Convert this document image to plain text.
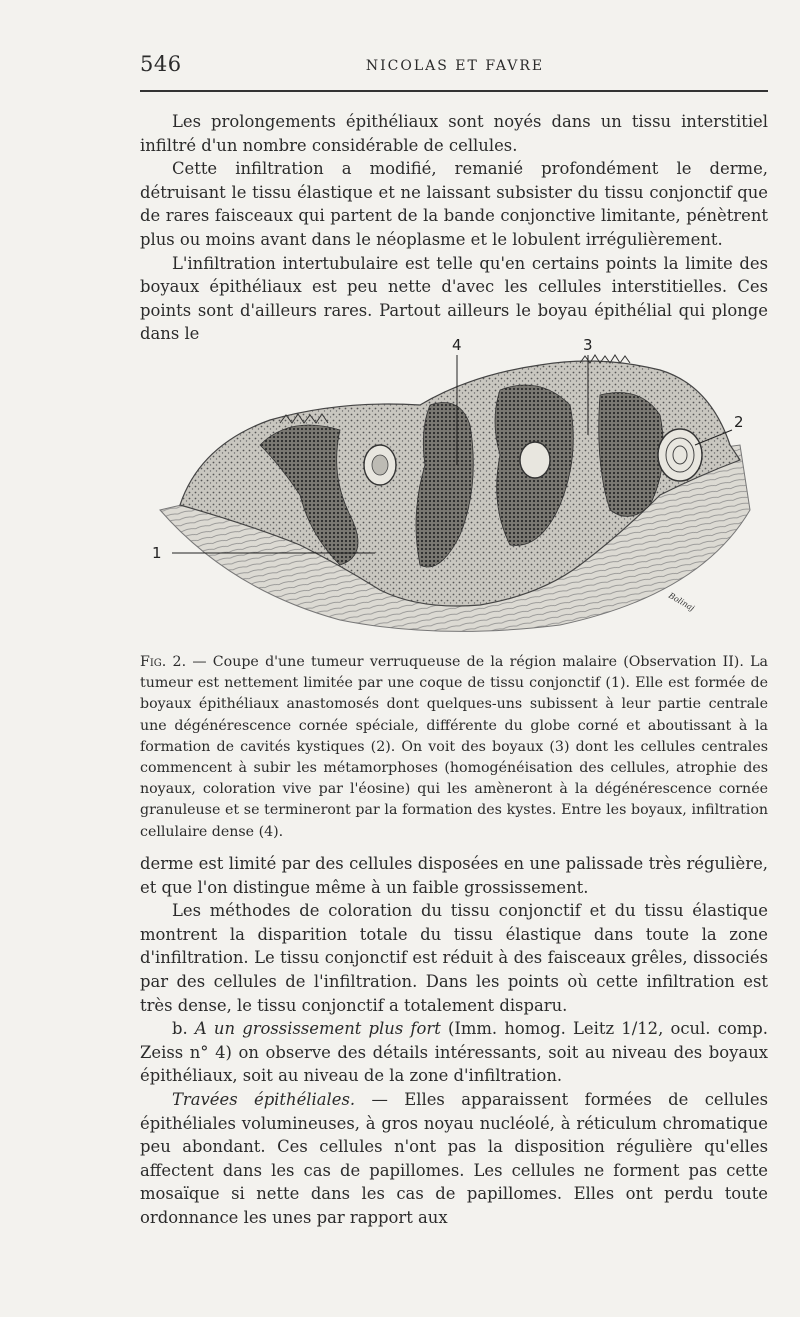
546	NICOLAS ET FAVRE

Les prolongements épithéliaux sont noyés dans un tissu interstitiel infiltré d'un nombre considérable de cellules.

Cette infiltration a modifié, remanié profondément le derme, détruisant le tissu élastique et ne laissant subsister du tissu conjonctif que de rares faisceaux qui partent de la bande conjonctive limitante, pénètrent plus ou moins avant dans le néoplasme et le lobulent irrégulièrement.

L'infiltration intertubulaire est telle qu'en certains points la limite des boyaux épithéliaux est peu nette d'avec les cellules interstitielles. Ces points sont d'ailleurs rares. Partout ailleurs le boyau épithélial qui plonge dans le

1
2
3
4
Bolinaj

Fig. 2. — Coupe d'une tumeur verruqueuse de la région malaire (Observation II). La tumeur est nettement limitée par une coque de tissu conjonctif (1). Elle est formée de boyaux épithéliaux anastomosés dont quelques-uns subissent à leur partie centrale une dégénérescence cornée spéciale, différente du globe corné et aboutissant à la formation de cavités kystiques (2). On voit des boyaux (3) dont les cellules centrales commencent à subir les métamorphoses (homogénéisation des cellules, atrophie des noyaux, coloration vive par l'éosine) qui les amèneront à la dégénérescence cornée granuleuse et se termineront par la formation des kystes. Entre les boyaux, infiltration cellulaire dense (4).

derme est limité par des cellules disposées en une palissade très régulière, et que l'on distingue même à un faible grossissement.

Les méthodes de coloration du tissu conjonctif et du tissu élastique montrent la disparition totale du tissu élastique dans toute la zone d'infiltration. Le tissu conjonctif est réduit à des faisceaux grêles, dissociés par des cellules de l'infiltration. Dans les points où cette infiltration est très dense, le tissu conjonctif a totalement disparu.

b. A un grossissement plus fort (Imm. homog. Leitz 1/12, ocul. comp. Zeiss n° 4) on observe des détails intéressants, soit au niveau des boyaux épithéliaux, soit au niveau de la zone d'infiltration.

Travées épithéliales. — Elles apparaissent formées de cellules épithéliales volumineuses, à gros noyau nucléolé, à réticulum chromatique peu abondant. Ces cellules n'ont pas la disposition régulière qu'elles affectent dans les cas de papillomes. Les cellules ne forment pas cette mosaïque si nette dans les cas de papillomes. Elles ont perdu toute ordonnance les unes par rapport aux
